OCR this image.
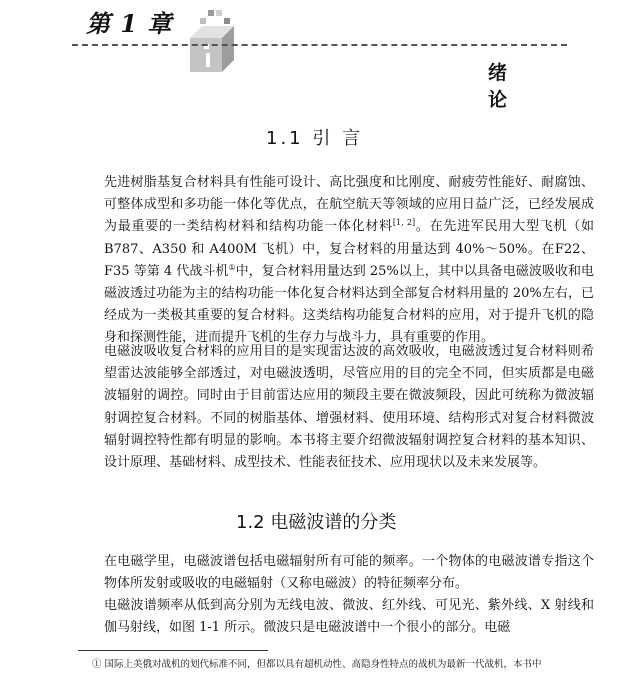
第 1 章
绪论
1.1 引 言
先进树脂基复合材料具有性能可设计、高比强度和比刚度、耐疲劳性能好、耐腐蚀、可整体成型和多功能一体化等优点，在航空航天等领域的应用日益广泛，已经发展成为最重要的一类结构材料和结构功能一体化材料[1, 2]。在先进军民用大型飞机（如 B787、A350 和 A400M 飞机）中，复合材料的用量达到 40%～50%。在F22、F35 等第 4 代战斗机①中，复合材料用量达到 25%以上，其中以具备电磁波吸收和电磁波透过功能为主的结构功能一体化复合材料达到全部复合材料用量的 20%左右，已经成为一类极其重要的复合材料。这类结构功能复合材料的应用，对于提升飞机的隐身和探测性能，进而提升飞机的生存力与战斗力，具有重要的作用。
电磁波吸收复合材料的应用目的是实现雷达波的高效吸收，电磁波透过复合材料则希望雷达波能够全部透过，对电磁波透明，尽管应用的目的完全不同，但实质都是电磁波辐射的调控。同时由于目前雷达应用的频段主要在微波频段，因此可统称为微波辐射调控复合材料。不同的树脂基体、增强材料、使用环境、结构形式对复合材料微波辐射调控特性都有明显的影响。本书将主要介绍微波辐射调控复合材料的基本知识、设计原理、基础材料、成型技术、性能表征技术、应用现状以及未来发展等。
1.2 电磁波谱的分类
在电磁学里，电磁波谱包括电磁辐射所有可能的频率。一个物体的电磁波谱专指这个物体所发射或吸收的电磁辐射（又称电磁波）的特征频率分布。
电磁波谱频率从低到高分别为无线电波、微波、红外线、可见光、紫外线、X 射线和伽马射线，如图 1-1 所示。微波只是电磁波谱中一个很小的部分。电磁
① 国际上美俄对战机的划代标准不同，但都以具有超机动性、高隐身性特点的战机为最新一代战机，本书中
